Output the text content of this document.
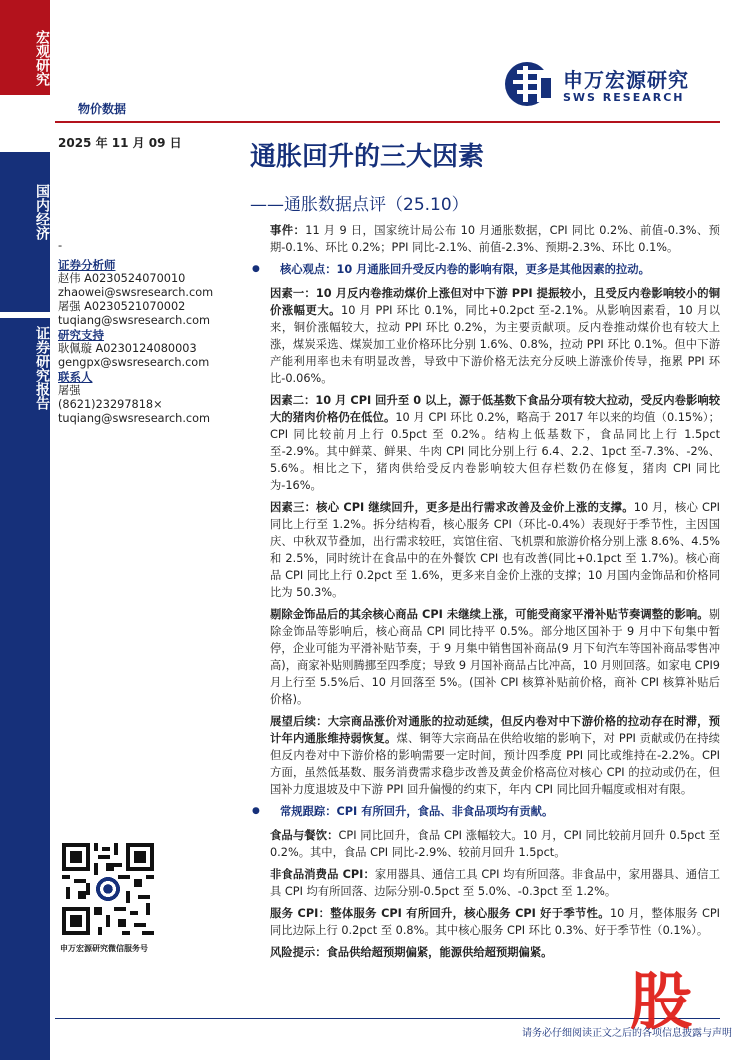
宏观研究
国内经济
证券研究报告
物价数据
申万宏源研究
SWS RESEARCH
2025 年 11 月 09 日	通胀回升的三大因素
——通胀数据点评（25.10）
-
证券分析师
赵伟 A0230524070010
zhaowei@swsresearch.com
屠强 A0230521070002
tuqiang@swsresearch.com
研究支持
耿佩璇 A0230124080003
gengpx@swsresearch.com
联系人
屠强
(8621)23297818×
tuqiang@swsresearch.com
申万宏源研究微信服务号

事件：11 月 9 日，国家统计局公布 10 月通胀数据，CPI 同比 0.2%、前值-0.3%、预期-0.1%、环比 0.2%；PPI 同比-2.1%、前值-2.3%、预期-2.3%、环比 0.1%。

● 核心观点：10 月通胀回升受反内卷的影响有限，更多是其他因素的拉动。

因素一：10 月反内卷推动煤价上涨但对中下游 PPI 提振较小，且受反内卷影响较小的铜价涨幅更大。10 月 PPI 环比 0.1%，同比+0.2pct 至-2.1%。从影响因素看，10 月以来，铜价涨幅较大，拉动 PPI 环比 0.2%，为主要贡献项。反内卷推动煤价也有较大上涨，煤炭采选、煤炭加工业价格环比分别 1.6%、0.8%，拉动 PPI 环比 0.1%。但中下游产能利用率也未有明显改善，导致中下游价格无法充分反映上游涨价传导，拖累 PPI 环比-0.06%。

因素二：10 月 CPI 回升至 0 以上，源于低基数下食品分项有较大拉动，受反内卷影响较大的猪肉价格仍在低位。10 月 CPI 环比 0.2%，略高于 2017 年以来的均值（0.15%）；CPI 同比较前月上行 0.5pct 至 0.2%。结构上低基数下，食品同比上行 1.5pct 至-2.9%。其中鲜菜、鲜果、牛肉 CPI 同比分别上行 6.4、2.2、1pct 至-7.3%、-2%、5.6%。相比之下，猪肉供给受反内卷影响较大但存栏数仍在修复，猪肉 CPI 同比为-16%。

因素三：核心 CPI 继续回升，更多是出行需求改善及金价上涨的支撑。10 月，核心 CPI 同比上行至 1.2%。拆分结构看，核心服务 CPI（环比-0.4%）表现好于季节性，主因国庆、中秋双节叠加，出行需求较旺，宾馆住宿、飞机票和旅游价格分别上涨 8.6%、4.5%和 2.5%，同时统计在食品中的在外餐饮 CPI 也有改善(同比+0.1pct 至 1.7%)。核心商品 CPI 同比上行 0.2pct 至 1.6%，更多来自金价上涨的支撑；10 月国内金饰品和价格同比为 50.3%。

剔除金饰品后的其余核心商品 CPI 未继续上涨，可能受商家平滑补贴节奏调整的影响。剔除金饰品等影响后，核心商品 CPI 同比持平 0.5%。部分地区国补于 9 月中下旬集中暂停，企业可能为平滑补贴节奏，于 9 月集中销售国补商品(9 月下旬汽车等国补商品零售冲高)，商家补贴则腾挪至四季度；导致 9 月国补商品占比冲高，10 月则回落。如家电 CPI9 月上行至 5.5%后、10 月回落至 5%。(国补 CPI 核算补贴前价格，商补 CPI 核算补贴后价格)。

展望后续：大宗商品涨价对通胀的拉动延续，但反内卷对中下游价格的拉动存在时滞，预计年内通胀维持弱恢复。煤、铜等大宗商品在供给收缩的影响下，对 PPI 贡献或仍在持续但反内卷对中下游价格的影响需要一定时间，预计四季度 PPI 同比或维持在-2.2%。CPI 方面，虽然低基数、服务消费需求稳步改善及黄金价格高位对核心 CPI 的拉动或仍在，但国补力度退坡及中下游 PPI 回升偏慢的约束下，年内 CPI 同比回升幅度或相对有限。

● 常规跟踪：CPI 有所回升，食品、非食品项均有贡献。

食品与餐饮：CPI 同比回升，食品 CPI 涨幅较大。10 月，CPI 同比较前月回升 0.5pct 至 0.2%。其中，食品 CPI 同比-2.9%、较前月回升 1.5pct。

非食品消费品 CPI：家用器具、通信工具 CPI 均有所回落。非食品中，家用器具、通信工具 CPI 均有所回落、边际分别-0.5pct 至 5.0%、-0.3pct 至 1.2%。

服务 CPI：整体服务 CPI 有所回升，核心服务 CPI 好于季节性。10 月，整体服务 CPI 同比边际上行 0.2pct 至 0.8%。其中核心服务 CPI 环比 0.3%、好于季节性（0.1%）。

风险提示：食品供给超预期偏紧，能源供给超预期偏紧。

股
请务必仔细阅读正文之后的各项信息披露与声明
